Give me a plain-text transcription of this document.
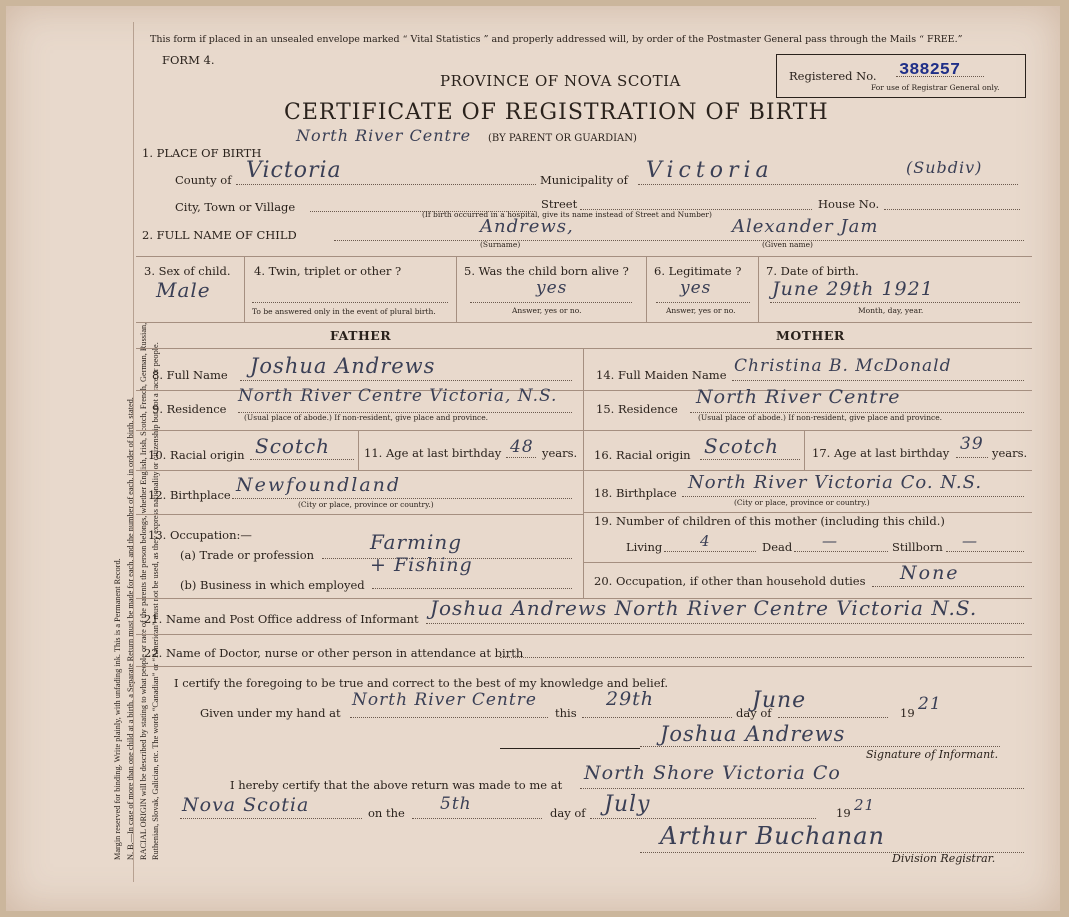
Margin reserved for binding. Write plainly, with unfading ink. This is a Permanent Record. N. B.—In case of more than one child at a birth, a Separate Return must be made for each, and the number of each, in order of birth, stated. RACIAL ORIGIN will be described by stating to what people or race of the parents the person belongs, whether English, Irish, Scotch, French, German, Russian, Ruthenian, Slovak, Galician, etc. The words “Canadian” or “American” must not be used, as they express nationality or citizenship but not a race or people.
This form if placed in an unsealed envelope marked “ Vital Statistics ” and properly addressed will, by order of the Postmaster General pass through the Mails “ FREE.”
FORM 4.
PROVINCE OF NOVA SCOTIA
CERTIFICATE OF REGISTRATION OF BIRTH
Registered No. 388257
For use of Registrar General only.
1. PLACE OF BIRTH
North River Centre (BY PARENT OR GUARDIAN)
County of Victoria	Municipality of Victoria	(Subdiv)
City, Town or Village	Street	House No.
(If birth occurred in a hospital, give its name instead of Street and Number)
2. FULL NAME OF CHILD	Andrews,	Alexander Jam
(Surname)	(Given name)
3. Sex of child.
Male
4. Twin, triplet or other ?
To be answered only in the event of plural birth.
5. Was the child born alive ?
yes
Answer, yes or no.
6. Legitimate ?
yes
Answer, yes or no.
7. Date of birth.
June 29th 1921
Month, day, year.
FATHER	MOTHER
8. Full Name Joshua Andrews
9. Residence
North River Centre Victoria, N.S.
(Usual place of abode.) If non-resident, give place and province.
10. Racial origin Scotch	11. Age at last birthday 48 years.
12. Birthplace Newfoundland
(City or place, province or country.)
13. Occupation:—
(a) Trade or profession
Farming
(b) Business in which employed
+ Fishing
14. Full Maiden Name Christina B. McDonald
15. Residence
North River Centre
(Usual place of abode.) If non-resident, give place and province.
16. Racial origin Scotch	17. Age at last birthday 39 years.
18. Birthplace North River Victoria Co. N.S.
(City or place, province or country.)
19. Number of children of this mother (including this child.)
Living	4	Dead —	Stillborn —
20. Occupation, if other than household duties None
21. Name and Post Office address of Informant Joshua Andrews North River Centre Victoria N.S.
22. Name of Doctor, nurse or other person in attendance at birth
I certify the foregoing to be true and correct to the best of my knowledge and belief.
Given under my hand at
North River Centre
this
29th
day of
June	19 21
Joshua Andrews
Signature of Informant.
I hereby certify that the above return was made to me at
North Shore Victoria Co
Nova Scotia	on the 5th	day of July	19 21
Arthur Buchanan
Division Registrar.
